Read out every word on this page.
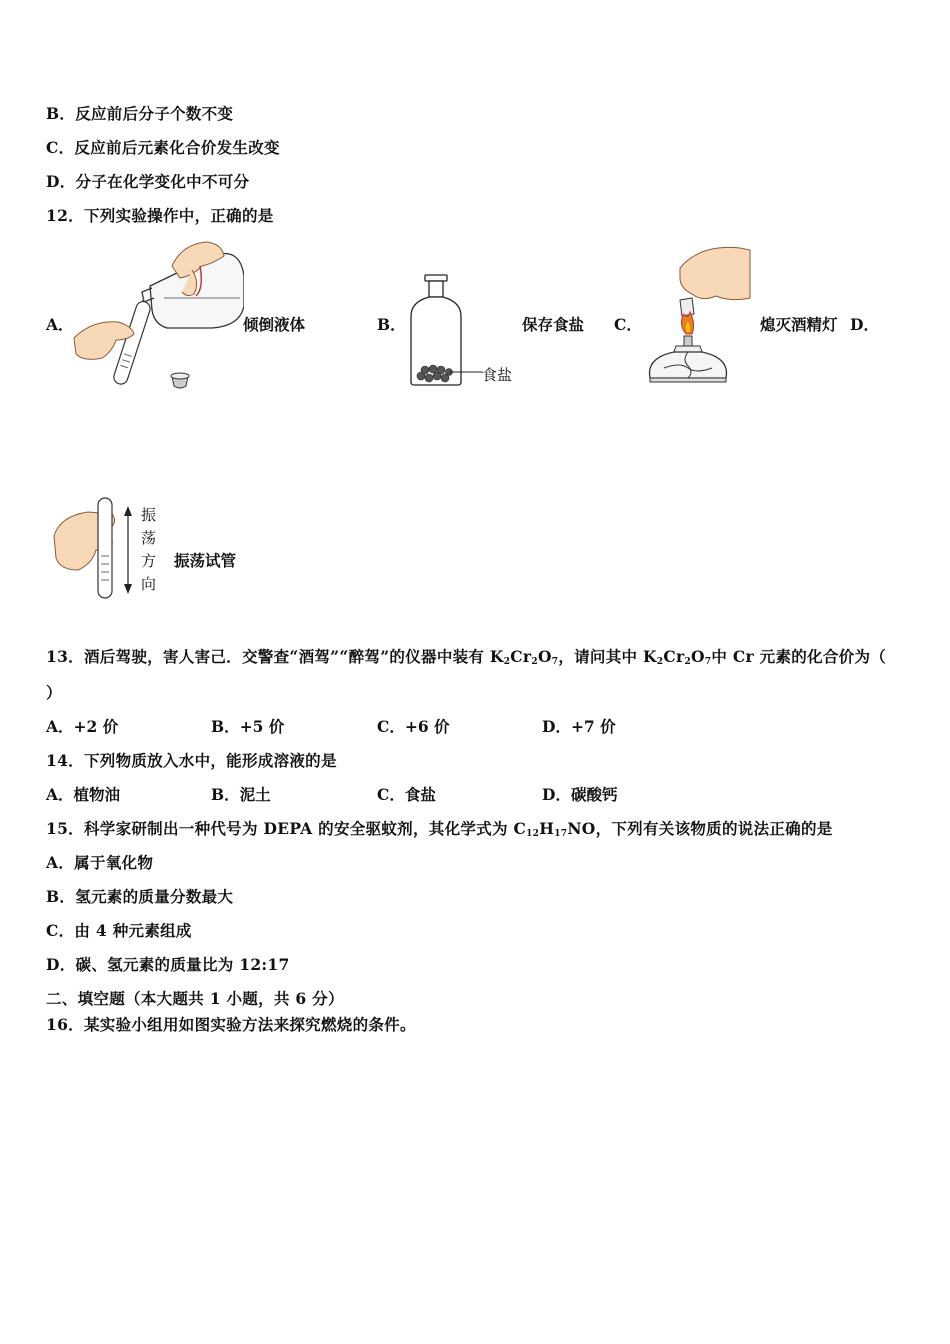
B．反应前后分子个数不变
C．反应前后元素化合价发生改变
D．分子在化学变化中不可分
12．下列实验操作中，正确的是
A．	倾倒液体	B．
食盐
保存食盐 C．	熄灭酒精灯 D．
振
荡
方
向
振荡试管
13．酒后驾驶，害人害己．交警查“酒驾”“醉驾”的仪器中装有 $K_2Cr_2O_7$，请问其中 $K_2Cr_2O_7$中 Cr 元素的化合价为（
）
A．+2 价	B．+5 价	C．+6 价	D．+7 价
14．下列物质放入水中，能形成溶液的是
A．植物油	B．泥土	C．食盐	D．碳酸钙
15．科学家研制出一种代号为 DEPA 的安全驱蚊剂，其化学式为 $C_{12}H_{17}NO$，下列有关该物质的说法正确的是
A．属于氧化物
B．氢元素的质量分数最大
C．由 4 种元素组成
D．碳、氢元素的质量比为 12:17
二、填空题（本大题共 1 小题，共 6 分）
16．某实验小组用如图实验方法来探究燃烧的条件。
